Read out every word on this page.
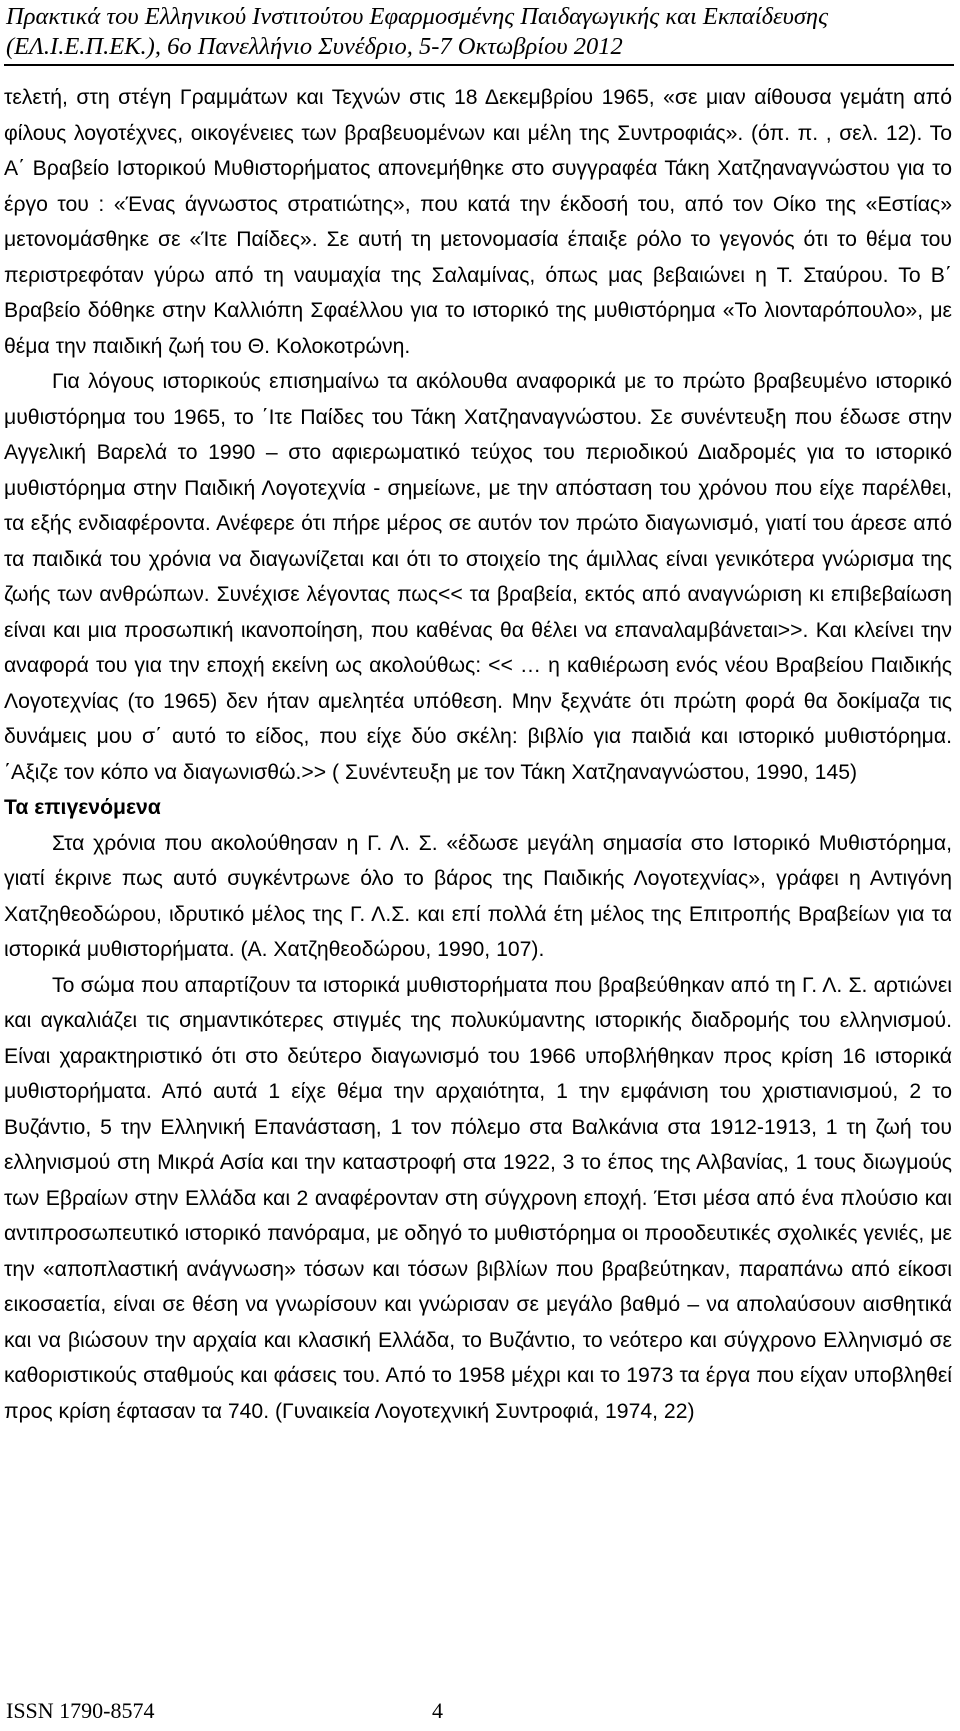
Πρακτικά του Ελληνικού Ινστιτούτου Εφαρμοσμένης Παιδαγωγικής και Εκπαίδευσης
(ΕΛ.Ι.Ε.Π.ΕΚ.), 6ο Πανελλήνιο Συνέδριο, 5-7 Οκτωβρίου 2012

τελετή, στη στέγη Γραμμάτων και Τεχνών στις 18 Δεκεμβρίου 1965, «σε μιαν αίθουσα γεμάτη από φίλους λογοτέχνες, οικογένειες των βραβευομένων και μέλη της Συντροφιάς». (όπ. π. , σελ. 12). Το Α΄ Βραβείο Ιστορικού Μυθιστορήματος απονεμήθηκε στο συγγραφέα Τάκη Χατζηαναγνώστου για το έργο του : «Ένας άγνωστος στρατιώτης», που κατά την έκδοσή του, από τον Οίκο της «Εστίας» μετονομάσθηκε σε «Ίτε Παίδες». Σε αυτή τη μετονομασία έπαιξε ρόλο το γεγονός ότι το θέμα του περιστρεφόταν γύρω από τη ναυμαχία της Σαλαμίνας, όπως μας βεβαιώνει η Τ. Σταύρου. Το Β΄ Βραβείο δόθηκε στην Καλλιόπη Σφαέλλου για το ιστορικό της μυθιστόρημα «Το λιονταρόπουλο», με θέμα την παιδική ζωή του Θ. Κολοκοτρώνη.

Για λόγους ιστορικούς επισημαίνω τα ακόλουθα αναφορικά με το πρώτο βραβευμένο ιστορικό μυθιστόρημα του 1965, το ΄Ιτε Παίδες του Τάκη Χατζηαναγνώστου. Σε συνέντευξη που έδωσε στην Αγγελική Βαρελά το 1990 – στο αφιερωματικό τεύχος του περιοδικού Διαδρομές για το ιστορικό μυθιστόρημα στην Παιδική Λογοτεχνία - σημείωνε, με την απόσταση του χρόνου που είχε παρέλθει, τα εξής ενδιαφέροντα. Ανέφερε ότι πήρε μέρος σε αυτόν τον πρώτο διαγωνισμό, γιατί του άρεσε από τα παιδικά του χρόνια να διαγωνίζεται και ότι το στοιχείο της άμιλλας είναι γενικότερα γνώρισμα της ζωής των ανθρώπων. Συνέχισε λέγοντας πως<< τα βραβεία, εκτός από αναγνώριση κι επιβεβαίωση είναι και μια προσωπική ικανοποίηση, που καθένας θα θέλει να επαναλαμβάνεται>>. Και κλείνει την αναφορά του για την εποχή εκείνη ως ακολούθως: << … η καθιέρωση ενός νέου Βραβείου Παιδικής Λογοτεχνίας (το 1965) δεν ήταν αμελητέα υπόθεση. Μην ξεχνάτε ότι πρώτη φορά θα δοκίμαζα τις δυνάμεις μου σ΄ αυτό το είδος, που είχε δύο σκέλη: βιβλίο για παιδιά και ιστορικό μυθιστόρημα. ΄Αξιζε τον κόπο να διαγωνισθώ.>> ( Συνέντευξη με τον Τάκη Χατζηαναγνώστου, 1990, 145)

Τα επιγενόμενα

Στα χρόνια που ακολούθησαν η Γ. Λ. Σ. «έδωσε μεγάλη σημασία στο Ιστορικό Μυθιστόρημα, γιατί έκρινε πως αυτό συγκέντρωνε όλο το βάρος της Παιδικής Λογοτεχνίας», γράφει η Αντιγόνη Χατζηθεοδώρου, ιδρυτικό μέλος της Γ. Λ.Σ. και επί πολλά έτη μέλος της Επιτροπής Βραβείων για τα ιστορικά μυθιστορήματα. (Α. Χατζηθεοδώρου, 1990, 107).

Το σώμα που απαρτίζουν τα ιστορικά μυθιστορήματα που βραβεύθηκαν από τη Γ. Λ. Σ. αρτιώνει και αγκαλιάζει τις σημαντικότερες στιγμές της πολυκύμαντης ιστορικής διαδρομής του ελληνισμού. Είναι χαρακτηριστικό ότι στο δεύτερο διαγωνισμό του 1966 υποβλήθηκαν προς κρίση 16 ιστορικά μυθιστορήματα. Από αυτά 1 είχε θέμα την αρχαιότητα, 1 την εμφάνιση του χριστιανισμού, 2 το Βυζάντιο, 5 την Ελληνική Επανάσταση, 1 τον πόλεμο στα Βαλκάνια στα 1912-1913, 1 τη ζωή του ελληνισμού στη Μικρά Ασία και την καταστροφή στα 1922, 3 το έπος της Αλβανίας, 1 τους διωγμούς των Εβραίων στην Ελλάδα και 2 αναφέρονταν στη σύγχρονη εποχή. Έτσι μέσα από ένα πλούσιο και αντιπροσωπευτικό ιστορικό πανόραμα, με οδηγό το μυθιστόρημα οι προοδευτικές σχολικές γενιές, με την «αποπλαστική ανάγνωση» τόσων και τόσων βιβλίων που βραβεύτηκαν, παραπάνω από είκοσι εικοσαετία, είναι σε θέση να γνωρίσουν και γνώρισαν σε μεγάλο βαθμό – να απολαύσουν αισθητικά και να βιώσουν την αρχαία και κλασική Ελλάδα, το Βυζάντιο, το νεότερο και σύγχρονο Ελληνισμό σε καθοριστικούς σταθμούς και φάσεις του. Από το 1958 μέχρι και το 1973 τα έργα που είχαν υποβληθεί προς κρίση έφτασαν τα 740. (Γυναικεία Λογοτεχνική Συντροφιά, 1974, 22)

ISSN 1790-8574	4
